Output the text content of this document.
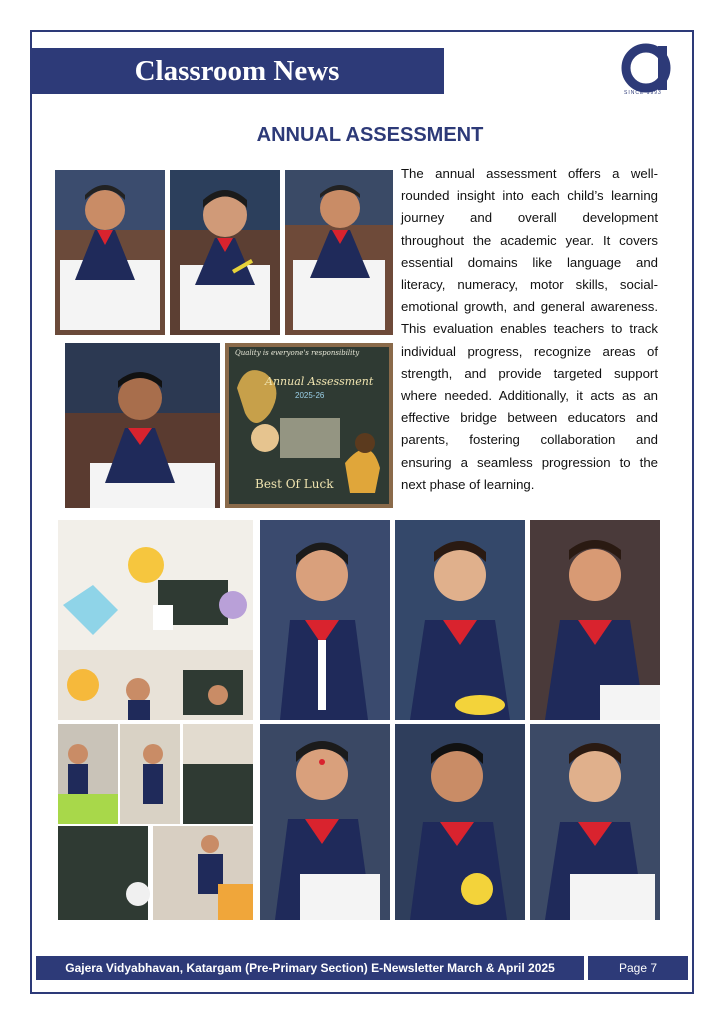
Classroom News
SINCE 1993
ANNUAL ASSESSMENT

The annual assessment offers a well-rounded insight into each child’s learning journey and overall development throughout the academic year. It covers essential domains like language and literacy, numeracy, motor skills, social-emotional growth, and general awareness. This evaluation enables teachers to track individual progress, recognize areas of strength, and provide targeted support where needed. Additionally, it acts as an effective bridge between educators and parents, fostering collaboration and ensuring a seamless progression to the next phase of learning.

Quality is everyone's responsibility
Annual Assessment
2025-26
Best Of Luck
Gajera Vidyabhavan, Katargam (Pre-Primary Section) E-Newsletter March & April 2025	Page 7
